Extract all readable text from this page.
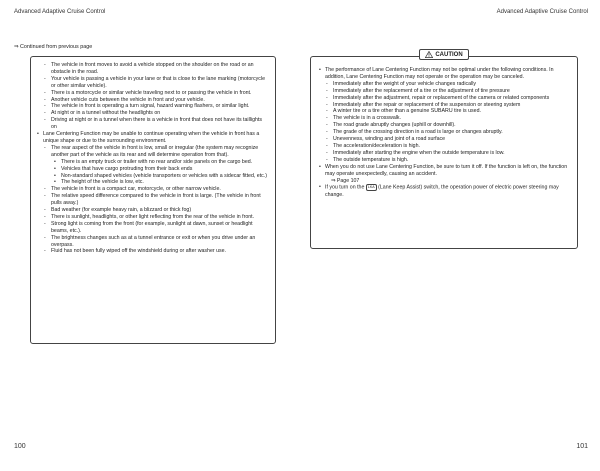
Advanced Adaptive Cruise Control
⇒ Continued from previous page
- The vehicle in front moves to avoid a vehicle stopped on the shoulder on the road or an obstacle in the road.
- Your vehicle is passing a vehicle in your lane or that is close to the lane marking (motorcycle or other similar vehicle).
- There is a motorcycle or similar vehicle traveling next to or passing the vehicle in front.
- Another vehicle cuts between the vehicle in front and your vehicle.
- The vehicle in front is operating a turn signal, hazard warning flashers, or similar light.
- At night or in a tunnel without the headlights on
- Driving at night or in a tunnel when there is a vehicle in front that does not have its taillights on
• Lane Centering Function may be unable to continue operating when the vehicle in front has a unique shape or due to the surrounding environment.
- The rear aspect of the vehicle in front is low, small or irregular (the system may recognize another part of the vehicle as its rear and will determine operation from that).
• There is an empty truck or trailer with no rear and/or side panels on the cargo bed.
• Vehicles that have cargo protruding from their back ends
• Non-standard shaped vehicles (vehicle transporters or vehicles with a sidecar fitted, etc.)
• The height of the vehicle is low, etc.
- The vehicle in front is a compact car, motorcycle, or other narrow vehicle.
- The relative speed difference compared to the vehicle in front is large. (The vehicle in front pulls away.)
- Bad weather (for example heavy rain, a blizzard or thick fog)
- There is sunlight, headlights, or other light reflecting from the rear of the vehicle in front.
- Strong light is coming from the front (for example, sunlight at dawn, sunset or headlight beams, etc.).
- The brightness changes such as at a tunnel entrance or exit or when you drive under an overpass.
- Fluid has not been fully wiped off the windshield during or after washer use.
100
Advanced Adaptive Cruise Control
CAUTION
• The performance of Lane Centering Function may not be optimal under the following conditions. In addition, Lane Centering Function may not operate or the operation may be canceled.
- Immediately after the weight of your vehicle changes radically
- Immediately after the replacement of a tire or the adjustment of tire pressure
- Immediately after the adjustment, repair or replacement of the camera or related components
- Immediately after the repair or replacement of the suspension or steering system
- A winter tire or a tire other than a genuine SUBARU tire is used.
- The vehicle is in a crosswalk.
- The road grade abruptly changes (uphill or downhill).
- The grade of the crossing direction in a road is large or changes abruptly.
- Unevenness, winding and joint of a road surface
- The acceleration/deceleration is high.
- Immediately after starting the engine when the outside temperature is low.
- The outside temperature is high.
• When you do not use Lane Centering Function, be sure to turn it off. If the function is left on, the function may operate unexpectedly, causing an accident.
⇒ Page 107
• If you turn on the LKA (Lane Keep Assist) switch, the operation power of electric power steering may change.
101
